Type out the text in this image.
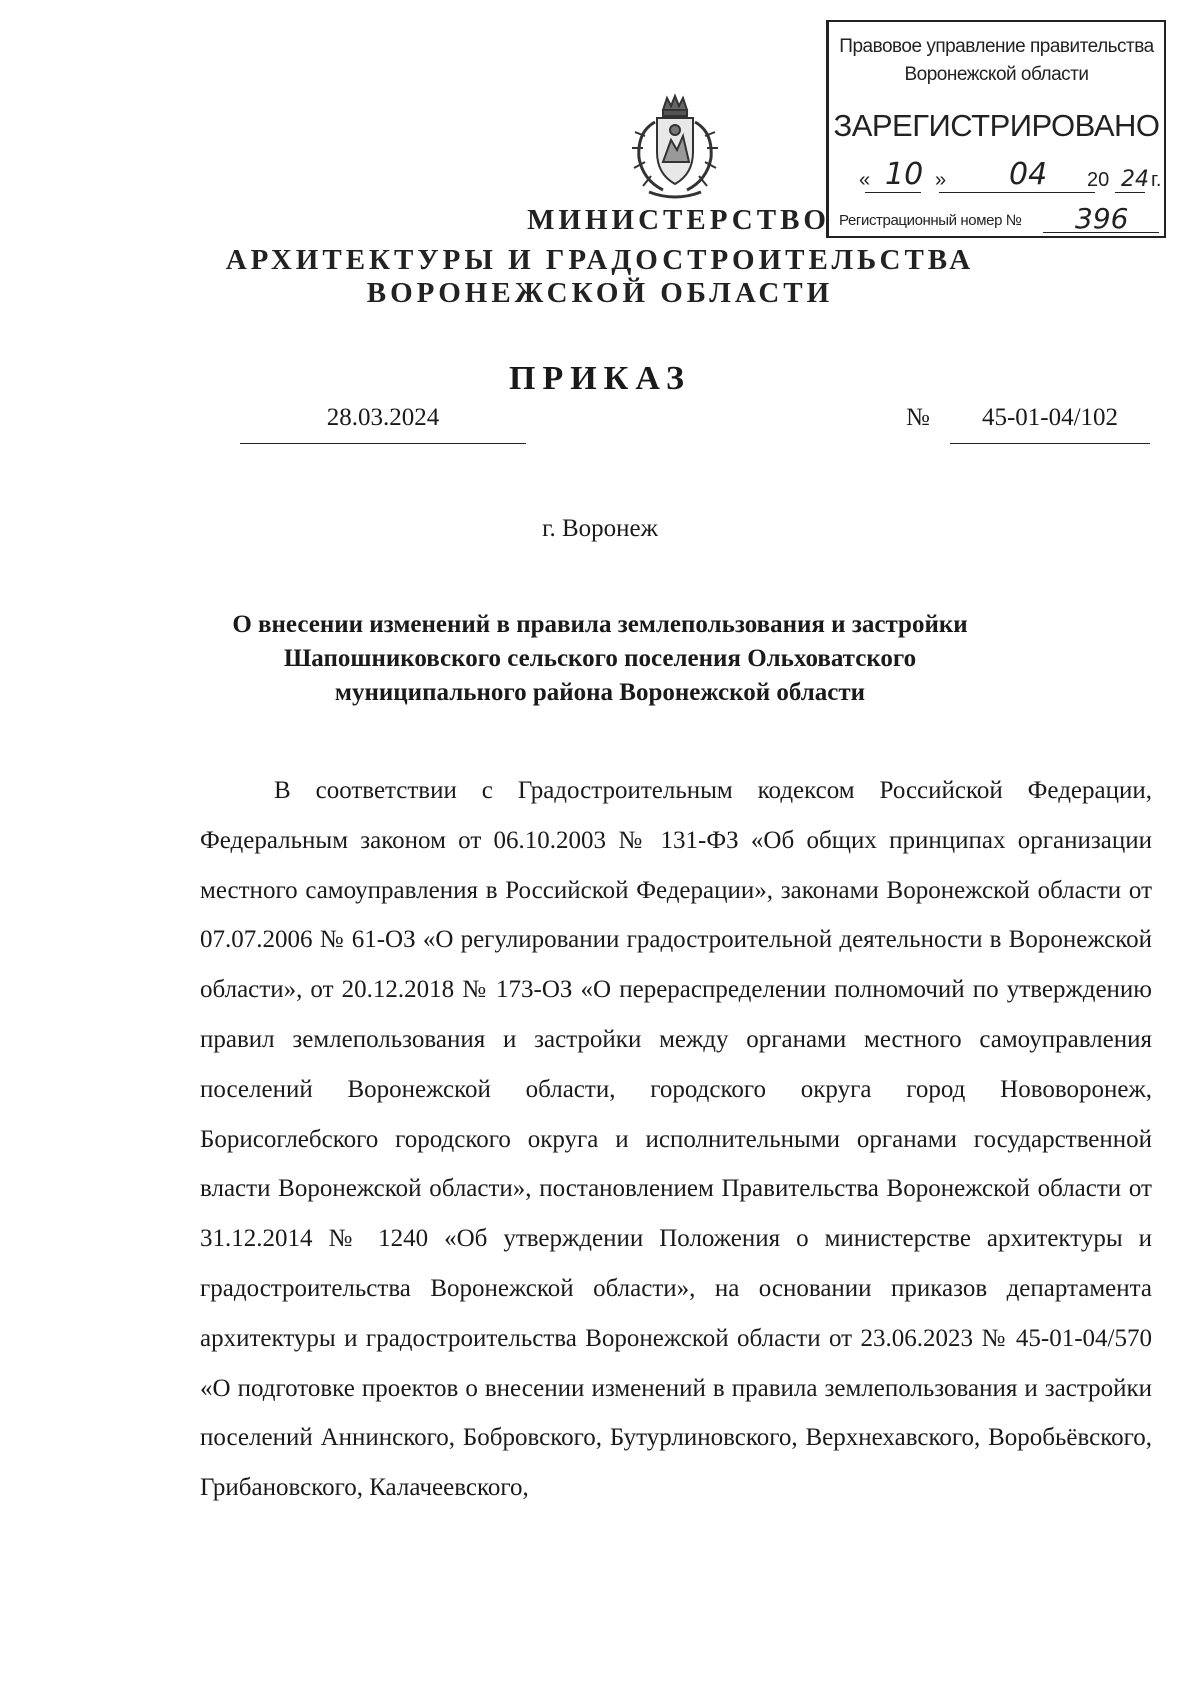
Правовое управление правительства
Воронежской области
ЗАРЕГИСТРИРОВАНО
« 10 » 04 20 24 г.
Регистрационный номер № 396
МИНИСТЕРСТВО
АРХИТЕКТУРЫ И ГРАДОСТРОИТЕЛЬСТВА
ВОРОНЕЖСКОЙ ОБЛАСТИ
ПРИКАЗ
28.03.2024	№	45-01-04/102
г. Воронеж
О внесении изменений в правила землепользования и застройки
Шапошниковского сельского поселения Ольховатского
муниципального района Воронежской области

В соответствии с Градостроительным кодексом Российской Федерации, Федеральным законом от 06.10.2003 № 131-ФЗ «Об общих принципах организации местного самоуправления в Российской Федерации», законами Воронежской области от 07.07.2006 № 61-ОЗ «О регулировании градостроительной деятельности в Воронежской области», от 20.12.2018 № 173-ОЗ «О перераспределении полномочий по утверждению правил землепользования и застройки между органами местного самоуправления поселений Воронежской области, городского округа город Нововоронеж, Борисоглебского городского округа и исполнительными органами государственной власти Воронежской области», постановлением Правительства Воронежской области от 31.12.2014 № 1240 «Об утверждении Положения о министерстве архитектуры и градостроительства Воронежской области», на основании приказов департамента архитектуры и градостроительства Воронежской области от 23.06.2023 № 45-01-04/570 «О подготовке проектов о внесении изменений в правила землепользования и застройки поселений Аннинского, Бобровского, Бутурлиновского, Верхнехавского, Воробьёвского, Грибановского, Калачеевского,
